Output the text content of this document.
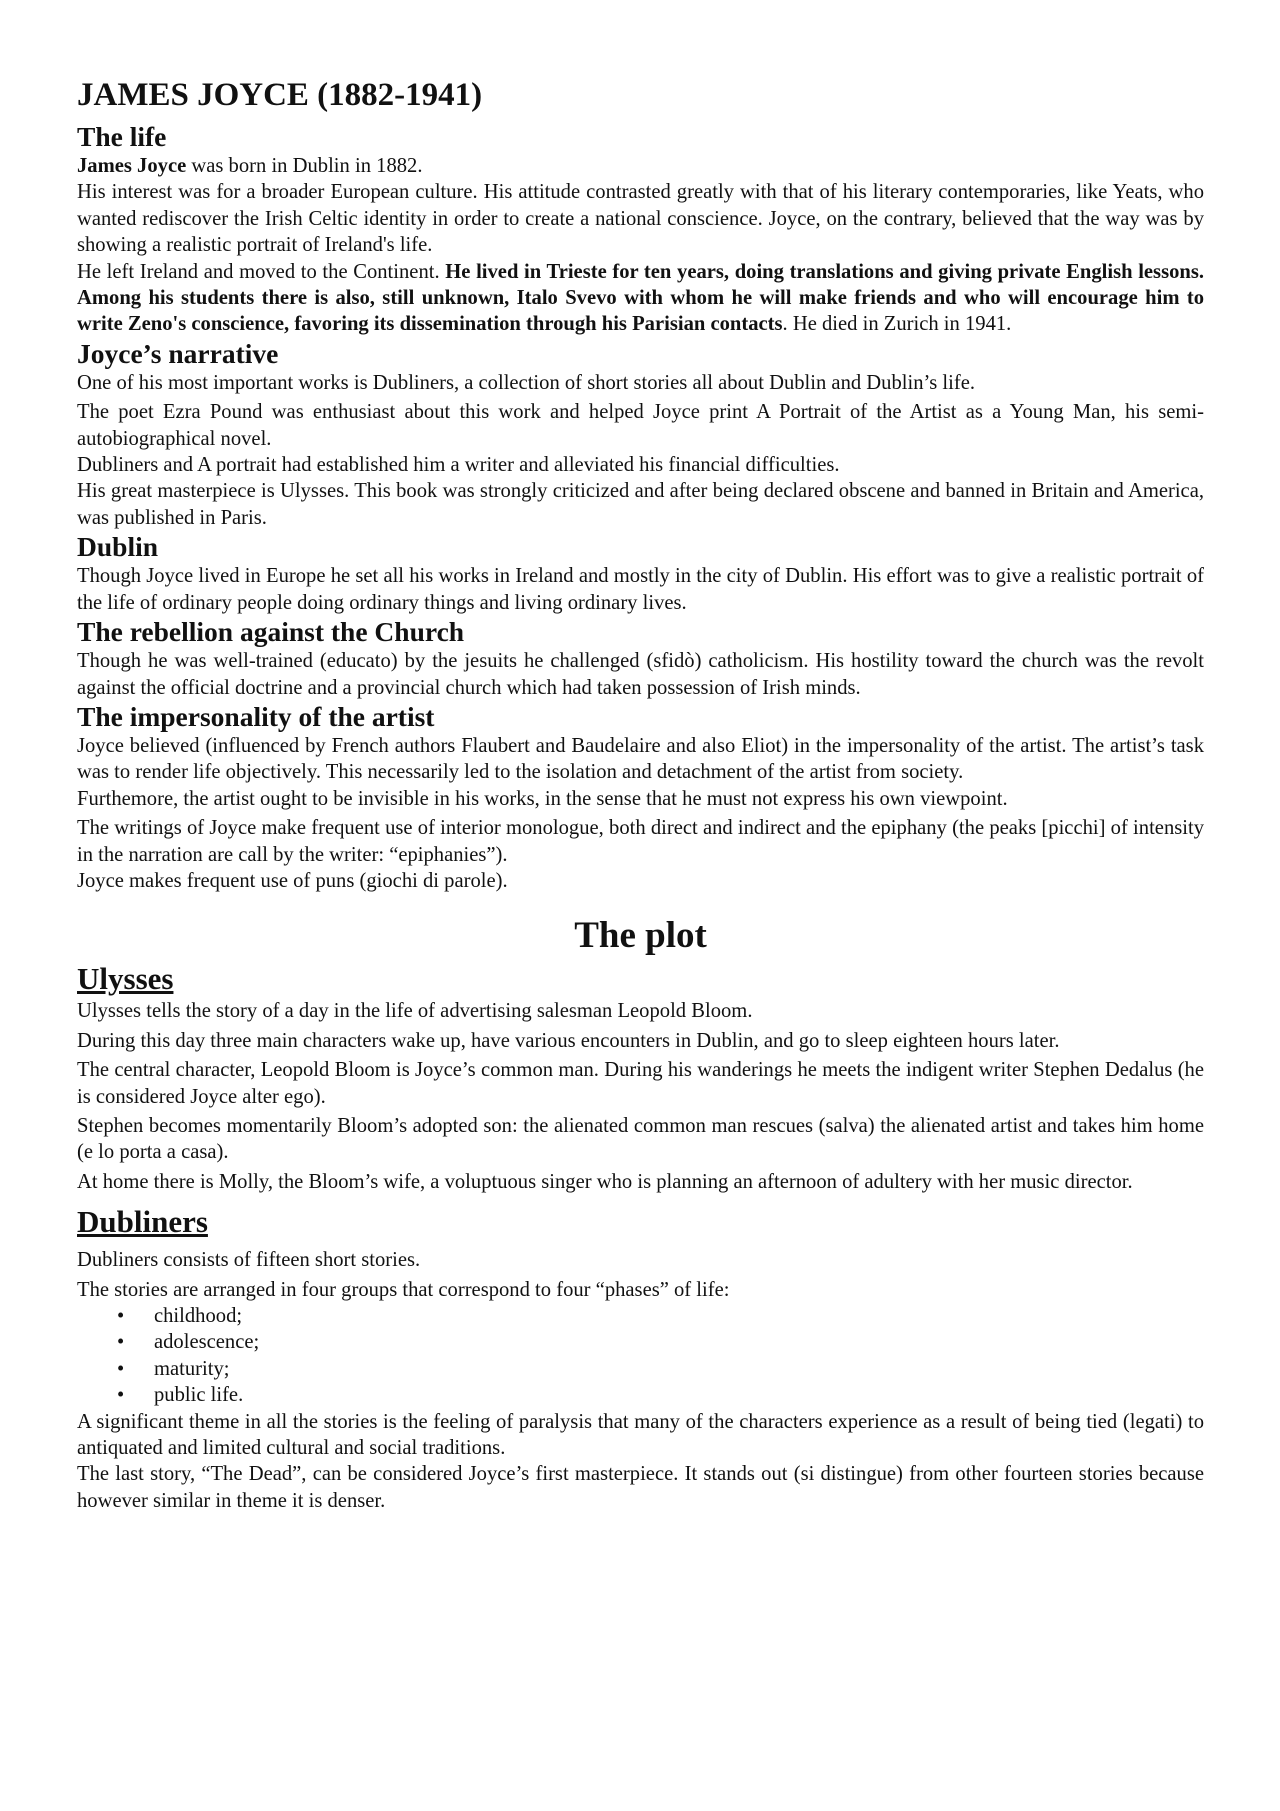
JAMES JOYCE (1882-1941)
The life

James Joyce was born in Dublin in 1882.

His interest was for a broader European culture. His attitude contrasted greatly with that of his literary contemporaries, like Yeats, who wanted rediscover the Irish Celtic identity in order to create a national conscience. Joyce, on the contrary, believed that the way was by showing a realistic portrait of Ireland's life.

He left Ireland and moved to the Continent. He lived in Trieste for ten years, doing translations and giving private English lessons. Among his students there is also, still unknown, Italo Svevo with whom he will make friends and who will encourage him to write Zeno's conscience, favoring its dissemination through his Parisian contacts. He died in Zurich in 1941.

Joyce’s narrative

One of his most important works is Dubliners, a collection of short stories all about Dublin and Dublin’s life.

The poet Ezra Pound was enthusiast about this work and helped Joyce print A Portrait of the Artist as a Young Man, his semi-autobiographical novel.

Dubliners and A portrait had established him a writer and alleviated his financial difficulties.

His great masterpiece is Ulysses. This book was strongly criticized and after being declared obscene and banned in Britain and America, was published in Paris.

Dublin

Though Joyce lived in Europe he set all his works in Ireland and mostly in the city of Dublin. His effort was to give a realistic portrait of the life of ordinary people doing ordinary things and living ordinary lives.

The rebellion against the Church

Though he was well-trained (educato) by the jesuits he challenged (sfidò) catholicism. His hostility toward the church was the revolt against the official doctrine and a provincial church which had taken possession of Irish minds.

The impersonality of the artist

Joyce believed (influenced by French authors Flaubert and Baudelaire and also Eliot) in the impersonality of the artist. The artist’s task was to render life objectively. This necessarily led to the isolation and detachment of the artist from society.

Furthemore, the artist ought to be invisible in his works, in the sense that he must not express his own viewpoint.

The writings of Joyce make frequent use of interior monologue, both direct and indirect and the epiphany (the peaks [picchi] of intensity in the narration are call by the writer: “epiphanies”).

Joyce makes frequent use of puns (giochi di parole).

The plot
Ulysses

Ulysses tells the story of a day in the life of advertising salesman Leopold Bloom.

During this day three main characters wake up, have various encounters in Dublin, and go to sleep eighteen hours later.

The central character, Leopold Bloom is Joyce’s common man. During his wanderings he meets the indigent writer Stephen Dedalus (he is considered Joyce alter ego).

Stephen becomes momentarily Bloom’s adopted son: the alienated common man rescues (salva) the alienated artist and takes him home (e lo porta a casa).

At home there is Molly, the Bloom’s wife, a voluptuous singer who is planning an afternoon of adultery with her music director.

Dubliners

Dubliners consists of fifteen short stories.

The stories are arranged in four groups that correspond to four “phases” of life:

• childhood;
• adolescence;
• maturity;
• public life.

A significant theme in all the stories is the feeling of paralysis that many of the characters experience as a result of being tied (legati) to antiquated and limited cultural and social traditions.

The last story, “The Dead”, can be considered Joyce’s first masterpiece. It stands out (si distingue) from other fourteen stories because however similar in theme it is denser.
